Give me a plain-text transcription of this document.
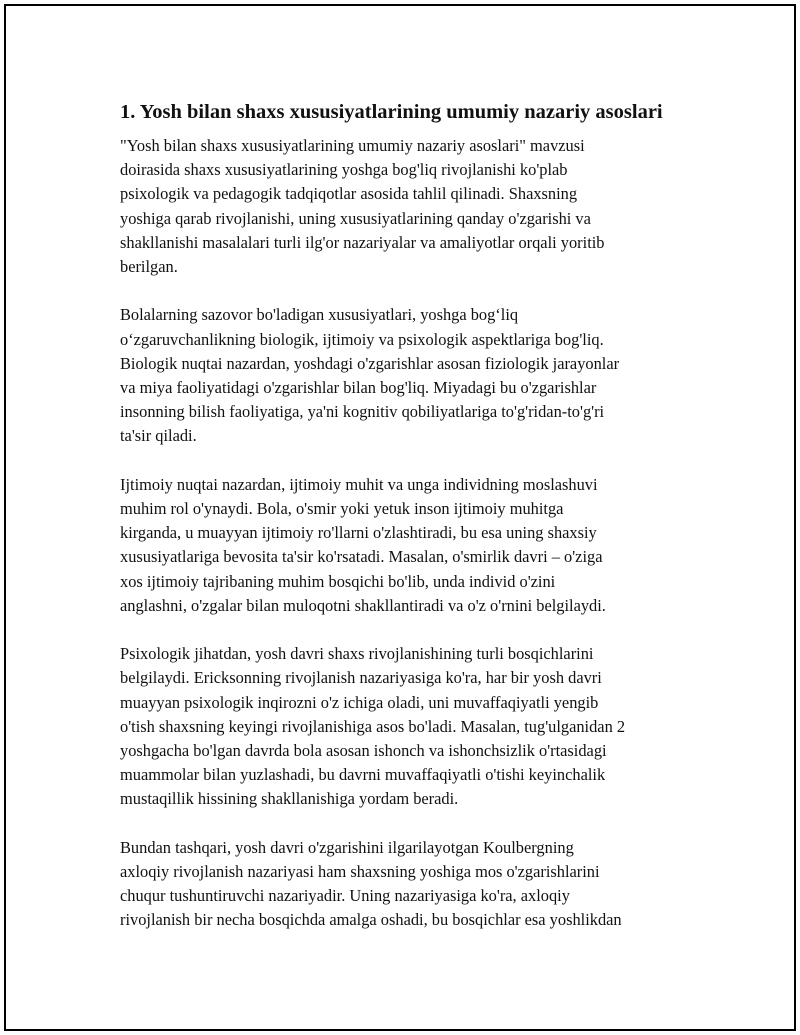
1. Yosh bilan shaxs xususiyatlarining umumiy nazariy asoslari

"Yosh bilan shaxs xususiyatlarining umumiy nazariy asoslari" mavzusi
doirasida shaxs xususiyatlarining yoshga bog'liq rivojlanishi ko'plab
psixologik va pedagogik tadqiqotlar asosida tahlil qilinadi. Shaxsning
yoshiga qarab rivojlanishi, uning xususiyatlarining qanday o'zgarishi va
shakllanishi masalalari turli ilg'or nazariyalar va amaliyotlar orqali yoritib
berilgan.

Bolalarning sazovor bo'ladigan xususiyatlari, yoshga bog‘liq
o‘zgaruvchanlikning biologik, ijtimoiy va psixologik aspektlariga bog'liq.
Biologik nuqtai nazardan, yoshdagi o'zgarishlar asosan fiziologik jarayonlar
va miya faoliyatidagi o'zgarishlar bilan bog'liq. Miyadagi bu o'zgarishlar
insonning bilish faoliyatiga, ya'ni kognitiv qobiliyatlariga to'g'ridan-to'g'ri
ta'sir qiladi.

Ijtimoiy nuqtai nazardan, ijtimoiy muhit va unga individning moslashuvi
muhim rol o'ynaydi. Bola, o'smir yoki yetuk inson ijtimoiy muhitga
kirganda, u muayyan ijtimoiy ro'llarni o'zlashtiradi, bu esa uning shaxsiy
xususiyatlariga bevosita ta'sir ko'rsatadi. Masalan, o'smirlik davri – o'ziga
xos ijtimoiy tajribaning muhim bosqichi bo'lib, unda individ o'zini
anglashni, o'zgalar bilan muloqotni shakllantiradi va o'z o'rnini belgilaydi.

Psixologik jihatdan, yosh davri shaxs rivojlanishining turli bosqichlarini
belgilaydi. Ericksonning rivojlanish nazariyasiga ko'ra, har bir yosh davri
muayyan psixologik inqirozni o'z ichiga oladi, uni muvaffaqiyatli yengib
o'tish shaxsning keyingi rivojlanishiga asos bo'ladi. Masalan, tug'ulganidan 2
yoshgacha bo'lgan davrda bola asosan ishonch va ishonchsizlik o'rtasidagi
muammolar bilan yuzlashadi, bu davrni muvaffaqiyatli o'tishi keyinchalik
mustaqillik hissining shakllanishiga yordam beradi.

Bundan tashqari, yosh davri o'zgarishini ilgarilayotgan Koulbergning
axloqiy rivojlanish nazariyasi ham shaxsning yoshiga mos o'zgarishlarini
chuqur tushuntiruvchi nazariyadir. Uning nazariyasiga ko'ra, axloqiy
rivojlanish bir necha bosqichda amalga oshadi, bu bosqichlar esa yoshlikdan
